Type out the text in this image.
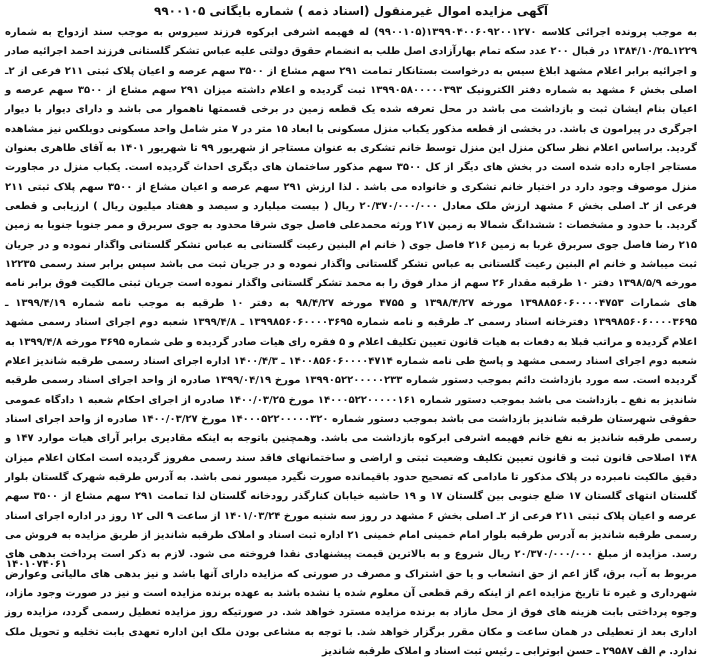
آگهی مزایده اموال غیرمنقول (اسناد ذمه ) شماره بایگانی ۹۹۰۰۱۰۵
به موجب پرونده اجرائی کلاسه ۱۳۹۹۰۴۰۰۶۰۹۲۰۰۱۲۷۰(۹۹۰۰۱۰۵) له فهیمه اشرفی ابرکوه فرزند سیروس به موجب سند ازدواج به شماره ۱۲۲۹ـ۱۳۸۴/۱۰/۲۵ در قبال ۲۰۰ عدد سکه تمام بهارآزادی اصل طلب به انضمام حقوق دولتی علیه عباس تشکر گلستانی فرزند احمد اجرائیه صادر و اجرائیه برابر اعلام مشهد ابلاغ سیس به درخواست بستانکار تمامت ۲۹۱ سهم مشاع از ۳۵۰۰ سهم عرصه و اعیان پلاک ثبتی ۲۱۱ فرعی از ۲ـ اصلی بخش ۶ مشهد به شماره دفتر الکترونیک ۱۳۹۹۰۵۸۰۰۰۰۰۳۹۳ ثبت گردیده و اعلام داشته میزان ۲۹۱ سهم مشاع از ۳۵۰۰ سهم عرصه و اعیان بنام ایشان ثبت و بازداشت می باشد در محل تعرفه شده یک قطعه زمین در برخی قسمتها ناهموار می باشد و دارای دیوار با دیوار اجرگری در پیرامون ی باشد. در بخشی از قطعه مذکور یکباب منزل مسکونی با ابعاد ۱۵ متر در ۷ متر شامل واحد مسکونی دوبلکس نیز مشاهده گردید. براساس اعلام نظر ساکن منزل این منزل توسط خانم تشکری به عنوان مستاجر از شهریور ۹۹ تا شهریور ۱۴۰۱ به آقای طاهری بعنوان مستاجر اجاره داده شده است در بخش های دیگر از کل ۳۵۰۰ سهم مذکور ساختمان های دیگری احداث گردیده است. یکباب منزل در مجاورت منزل موصوف وجود دارد در اختیار خانم تشکری و خانواده می باشد . لذا ارزش ۲۹۱ سهم عرصه و اعیان مشاع از ۳۵۰۰ سهم پلاک ثبتی ۲۱۱ فرعی از ۲ـ اصلی بخش ۶ مشهد ارزش ملک معادل ۲۰/۳۷۰/۰۰۰/۰۰۰ ریال ( بیست میلیارد و سیصد و هفتاد میلیون ریال ) ارزیابی و قطعی گردید. با حدود و مشخصات : ششدانگ شمالا به زمین ۲۱۷ ورثه محمدعلی فاصل جوی شرقا محدود به جوی سربرق و ممر جنوبا جنوبا به زمین ۲۱۵ رضا فاصل جوی سربرق غربا به زمین ۲۱۶ فاصل جوی ( خانم ام البنین رعیت گلستانی به عباس تشکر گلستانی واگذار نموده و در جریان ثبت میباشد و خانم ام البنین رعیت گلستانی به عباس تشکر گلستانی واگذار نموده و در جریان ثبت می باشد سپس برابر سند رسمی ۱۲۲۳۵ مورخه ۱۳۹۸/۵/۹ دفتر ۱۰ طرقبه مقدار ۲۶ سهم از مدار فوق را به محمد تشکر گلستانی واگذار نموده است جریان ثبتی مالکیت فوق برابر نامه های شمارات ۱۳۹۸۸۵۶۰۶۰۰۰۰۴۷۵۳ مورخه ۱۳۹۸/۴/۲۷ و ۴۷۵۵ مورخه ۹۸/۴/۲۷ به دفتر ۱۰ طرقبه به موجب نامه شماره ۱۳۹۹/۴/۱۹ ـ ۱۳۹۹۸۵۶۰۶۰۰۰۰۳۶۹۵ دفترخانه اسناد رسمی ۲ـ طرقبه و نامه شماره ۱۳۹۹۸۵۶۰۶۰۰۰۰۳۶۹۵ ـ ۱۳۹۹/۴/۸ شعبه دوم اجرای اسناد رسمی مشهد اعلام گردیده و مراتب قبلا به دفعات به هیات قانون تعیین تکلیف اعلام و ۵ فقره رای هیات صادر گردیده و طی شماره ۳۶۹۵ مورخه ۱۳۹۹/۴/۸ به شعبه دوم اجرای اسناد رسمی مشهد و پاسخ طی نامه شماره ۱۴۰۰۸۵۶۰۶۰۰۰۰۴۷۱۴ ـ ۱۴۰۰/۴/۳ اداره اجرای اسناد رسمی طرقبه شاندیز اعلام گردیده است. سه مورد بازداشت دائم بموجب دستور شماره ۱۳۹۹۰۵۲۲۰۰۰۰۰۲۳۳ مورخ ۱۳۹۹/۰۴/۱۹ صادره از واحد اجرای اسناد رسمی طرقبه شاندیز به نفع ـ بازداشت می باشد بموجب دستور شماره ۱۴۰۰۰۵۲۲۰۰۰۰۰۱۶۱ مورخ ۱۴۰۰/۰۳/۲۵ صادره از اجرای احکام شعبه ۱ دادگاه عمومی حقوقی شهرستان طرقبه شاندیز بازداشت می باشد بموجب دستور شماره ۱۴۰۰۰۵۲۲۰۰۰۰۰۳۲۰ مورخ ۱۴۰۰/۰۳/۲۷ صادره از واحد اجرای اسناد رسمی طرقبه شاندیز به نفع خانم فهیمه اشرفی ابرکوه بازداشت می باشد. وهمچنین باتوجه به اینکه مقادیری برابر آرای هیات موارد ۱۴۷ و ۱۴۸ اصلاحی قانون ثبت و قانون تعیین تکلیف وضعیت ثبتی و اراضی و ساختمانهای فاقد سند رسمی مفروز گردیده است امکان اعلام میزان دقیق مالکیت نامبرده در پلاک مذکور تا مادامی که تصحیح حدود باقیمانده صورت نگیرد میسور نمی باشد. به آدرس طرقبه شهرک گلستان بلوار گلستان انتهای گلستان ۱۷ ضلع جنوبی بین گلستان ۱۷ و ۱۹ حاشیه خیابان کنارگذر رودخانه گلستان لذا تمامت ۲۹۱ سهم مشاع از ۳۵۰۰ سهم عرصه و اعیان پلاک ثبتی ۲۱۱ فرعی از ۲ـ اصلی بخش ۶ مشهد در روز سه شنبه مورخ ۱۴۰۱/۰۳/۲۴ از ساعت ۹ الی ۱۲ روز در اداره اجرای اسناد رسمی طرقبه شاندیز به آدرس طرقبه بلوار امام خمینی امام خمینی ۲۱ اداره ثبت اسناد و املاک طرقبه شاندیز از طریق مزایده به فروش می رسد. مزایده از مبلغ ۲۰/۳۷۰/۰۰۰/۰۰۰ ریال شروع و به بالاترین قیمت پیشنهادی نقدا فروخته می شود. لازم به ذکر است پرداخت بدهی های مربوط به آب، برق، گاز اعم از حق انشعاب و یا حق اشتراک و مصرف در صورتی که مزایده دارای آنها باشد و نیز بدهی های مالیاتی وعوارض شهرداری و غیره تا تاریخ مزایده اعم از اینکه رقم قطعی آن معلوم شده یا نشده باشد به عهده برنده مزایده است و نیز در صورت وجود مازاد، وجوه پرداختی بابت هزینه های فوق از محل مازاد به برنده مزایده مسترد خواهد شد. در صورتیکه روز مزایده تعطیل رسمی گردد، مزایده روز اداری بعد از تعطیلی در همان ساعت و مکان مقرر برگزار خواهد شد. با توجه به مشاعی بودن ملک این اداره تعهدی بابت تخلیه و تحویل ملک ندارد. م الف ۲۹۵۸۷ ـ حسن ابوترابی ـ رئیس ثبت اسناد و املاک طرقبه شاندیز
۱۴۰۱۰۷۴۰۶۱
